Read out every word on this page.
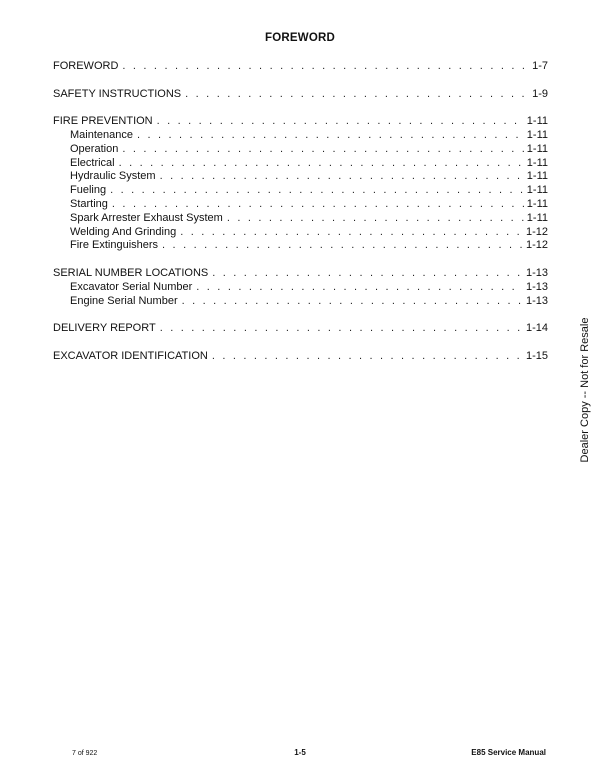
FOREWORD
FOREWORD . . .	1-7
SAFETY INSTRUCTIONS . . .	1-9
FIRE PREVENTION . . .	1-11
Maintenance . . .	1-11
Operation . . .	1-11
Electrical . . .	1-11
Hydraulic System . . .	1-11
Fueling . . .	1-11
Starting . . .	1-11
Spark Arrester Exhaust System . . .	1-11
Welding And Grinding . . .	1-12
Fire Extinguishers . . .	1-12
SERIAL NUMBER LOCATIONS . . .	1-13
Excavator Serial Number . . .	1-13
Engine Serial Number . . .	1-13
DELIVERY REPORT . . .	1-14
EXCAVATOR IDENTIFICATION . . .	1-15	Dealer Copy -- Not for Resale
7 of 922	1-5	E85 Service Manual
